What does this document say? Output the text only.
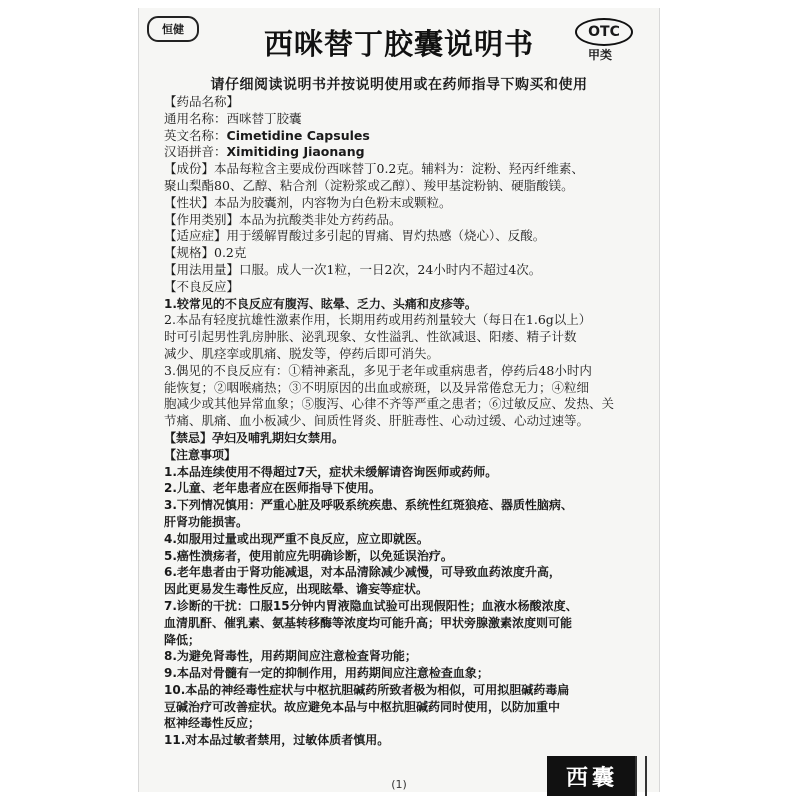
恒健	西咪替丁胶囊说明书	OTC
甲类
请仔细阅读说明书并按说明使用或在药师指导下购买和使用

【药品名称】

通用名称：西咪替丁胶囊

英文名称：Cimetidine Capsules

汉语拼音：Ximitiding Jiaonang

【成份】本品每粒含主要成份西咪替丁0.2克。辅料为：淀粉、羟丙纤维素、

聚山梨酯80、乙醇、粘合剂（淀粉浆或乙醇）、羧甲基淀粉钠、硬脂酸镁。

【性状】本品为胶囊剂，内容物为白色粉末或颗粒。

【作用类别】本品为抗酸类非处方药药品。

【适应症】用于缓解胃酸过多引起的胃痛、胃灼热感（烧心）、反酸。

【规格】0.2克

【用法用量】口服。成人一次1粒，一日2次，24小时内不超过4次。

【不良反应】

1.较常见的不良反应有腹泻、眩晕、乏力、头痛和皮疹等。

2.本品有轻度抗雄性激素作用，长期用药或用药剂量较大（每日在1.6g以上）

时可引起男性乳房肿胀、泌乳现象、女性溢乳、性欲减退、阳痿、精子计数

减少、肌痉挛或肌痛、脱发等，停药后即可消失。

3.偶见的不良反应有：①精神紊乱，多见于老年或重病患者，停药后48小时内

能恢复；②咽喉痛热；③不明原因的出血或瘀斑，以及异常倦怠无力；④粒细

胞减少或其他异常血象；⑤腹泻、心律不齐等严重之患者；⑥过敏反应、发热、关

节痛、肌痛、血小板减少、间质性肾炎、肝脏毒性、心动过缓、心动过速等。

【禁忌】孕妇及哺乳期妇女禁用。

【注意事项】

1.本品连续使用不得超过7天，症状未缓解请咨询医师或药师。

2.儿童、老年患者应在医师指导下使用。

3.下列情况慎用：严重心脏及呼吸系统疾患、系统性红斑狼疮、器质性脑病、

肝肾功能损害。

4.如服用过量或出现严重不良反应，应立即就医。

5.癌性溃疡者，使用前应先明确诊断，以免延误治疗。

6.老年患者由于肾功能减退，对本品清除减少减慢，可导致血药浓度升高，

因此更易发生毒性反应，出现眩晕、谵妄等症状。

7.诊断的干扰：口服15分钟内胃液隐血试验可出现假阳性；血液水杨酸浓度、

血清肌酐、催乳素、氨基转移酶等浓度均可能升高；甲状旁腺激素浓度则可能

降低；

8.为避免肾毒性，用药期间应注意检查肾功能；

9.本品对骨髓有一定的抑制作用，用药期间应注意检查血象；

10.本品的神经毒性症状与中枢抗胆碱药所致者极为相似，可用拟胆碱药毒扁

豆碱治疗可改善症状。故应避免本品与中枢抗胆碱药同时使用，以防加重中

枢神经毒性反应；

11.对本品过敏者禁用，过敏体质者慎用。

(1)	西囊
